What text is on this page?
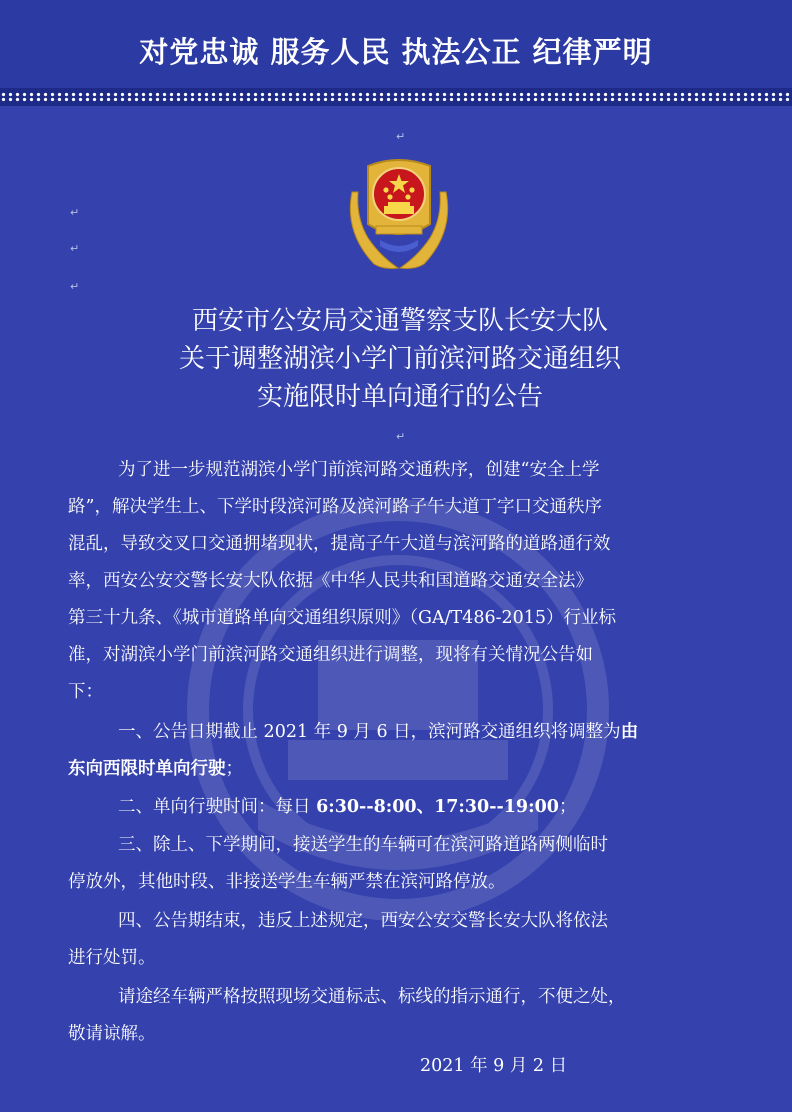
对党忠诚 服务人民 执法公正 纪律严明
↵
↵
↵
↵
↵
西安市公安局交通警察支队长安大队
关于调整湖滨小学门前滨河路交通组织
实施限时单向通行的公告
为了进一步规范湖滨小学门前滨河路交通秩序，创建“安全上学
路”，解决学生上、下学时段滨河路及滨河路子午大道丁字口交通秩序
混乱，导致交叉口交通拥堵现状，提高子午大道与滨河路的道路通行效
率，西安公安交警长安大队依据《中华人民共和国道路交通安全法》
第三十九条、《城市道路单向交通组织原则》（GA/T486-2015）行业标
准，对湖滨小学门前滨河路交通组织进行调整，现将有关情况公告如
下：
一、公告日期截止 2021 年 9 月 6 日，滨河路交通组织将调整为由
东向西限时单向行驶；
二、单向行驶时间：每日 6:30--8:00、17:30--19:00；
三、除上、下学期间，接送学生的车辆可在滨河路道路两侧临时
停放外，其他时段、非接送学生车辆严禁在滨河路停放。
四、公告期结束，违反上述规定，西安公安交警长安大队将依法
进行处罚。
请途经车辆严格按照现场交通标志、标线的指示通行，不便之处，
敬请谅解。
2021 年 9 月 2 日
